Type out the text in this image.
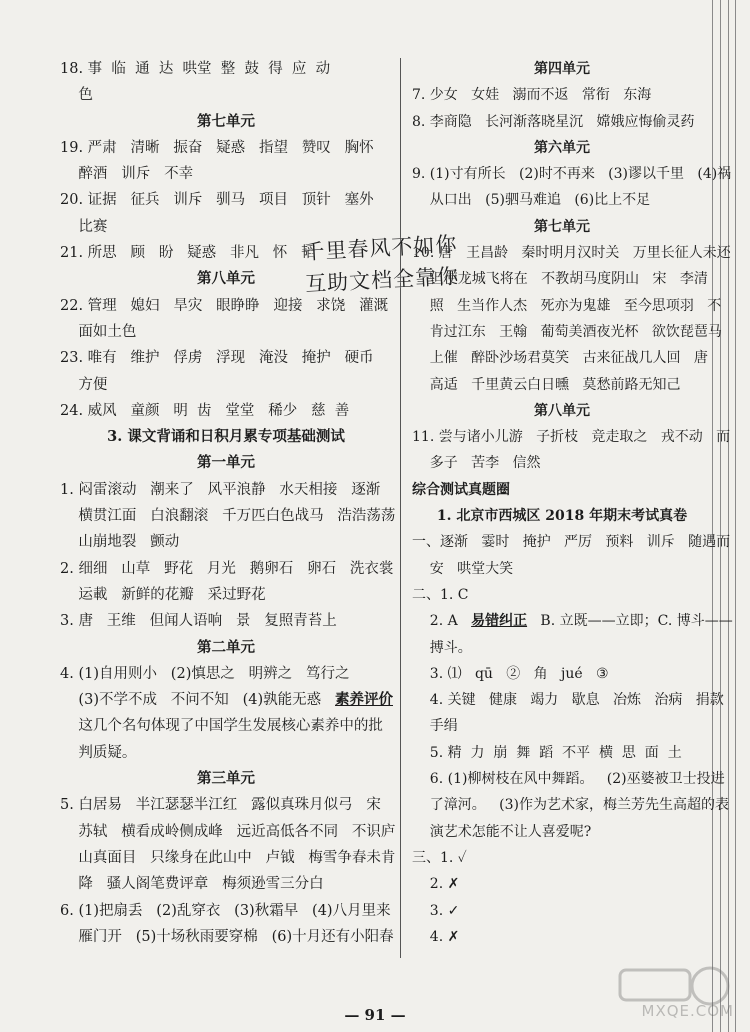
18. 事  临  通  达  哄堂  整  鼓  得  应  动
色
第七单元
19. 严肃   清晰   振奋   疑惑   指望   赞叹   胸怀
醉酒   训斥   不幸
20. 证据   征兵   训斥   驯马   项目   顶针   塞外
比赛
21. 所思   顾   盼   疑惑   非凡   怀   韬
第八单元
22. 管理   媳妇   旱灾   眼睁睁   迎接   求饶   灌溉
面如土色
23. 唯有   维护   俘虏   浮现   淹没   掩护   硬币
方便
24. 威风   童颜   明  齿   堂堂   稀少   慈  善
3. 课文背诵和日积月累专项基础测试
第一单元
1. 闷雷滚动   潮来了   风平浪静   水天相接   逐渐
横贯江面   白浪翻滚   千万匹白色战马   浩浩荡荡
山崩地裂   颤动
2. 细细   山草   野花   月光   鹅卵石   卵石   洗衣裳
运載   新鲜的花瓣   采过野花
3. 唐   王维   但闻人语响   景   复照青苔上
第二单元
4. (1)自用则小   (2)慎思之   明辨之   笃行之
(3)不学不成   不问不知   (4)孰能无惑   素养评价
这几个名句体现了中国学生发展核心素养中的批
判质疑。
第三单元
5. 白居易   半江瑟瑟半江红   露似真珠月似弓   宋
苏轼   横看成岭侧成峰   远近高低各不同   不识庐
山真面目   只缘身在此山中   卢钺   梅雪争春未肯
降   骚人阁笔费评章   梅须逊雪三分白
6. (1)把扇丢   (2)乱穿衣   (3)秋霜早   (4)八月里来
雁门开   (5)十场秋雨要穿棉   (6)十月还有小阳春
第四单元
7. 少女   女娃   溺而不返   常衔   东海
8. 李商隐   长河渐落晓星沉   嫦娥应悔偷灵药
第六单元
9. (1)寸有所长   (2)时不再来   (3)谬以千里   (4)祸
从口出   (5)驷马难追   (6)比上不足
第七单元
10. 唐   王昌龄   秦时明月汉时关   万里长征人未还
但使龙城飞将在   不教胡马度阴山   宋   李清
照   生当作人杰   死亦为鬼雄   至今思项羽   不
肯过江东   王翰   葡萄美酒夜光杯   欲饮琵琶马
上催   醉卧沙场君莫笑   古来征战几人回   唐
高适   千里黄云白日曛   莫愁前路无知己
第八单元
11. 尝与诸小儿游   子折枝   竞走取之   戎不动   而
多子   苦李   信然
综合测试真题圈
1. 北京市西城区 2018 年期末考试真卷
一、逐渐   霎时   掩护   严厉   预料   训斥   随遇而
安   哄堂大笑
二、1. C
2. A   易错纠正   B. 立既——立即；C. 博斗——
搏斗。
3. ⑴   qū   ②   角   jué   ③
4. 关键   健康   竭力   歇息   冶炼   治病   捐款
手绢
5. 精  力  崩  舞  蹈  不平  横  思  面  土
6. (1)柳树枝在风中舞蹈。   (2)巫婆被卫士投进
了漳河。   (3)作为艺术家，梅兰芳先生高超的表
演艺术怎能不让人喜爱呢?
三、1. ✓
2. ✗
3. ✓
4. ✗
千里春风不如你
互助文档全靠你
— 91 —	MXQE.COM
